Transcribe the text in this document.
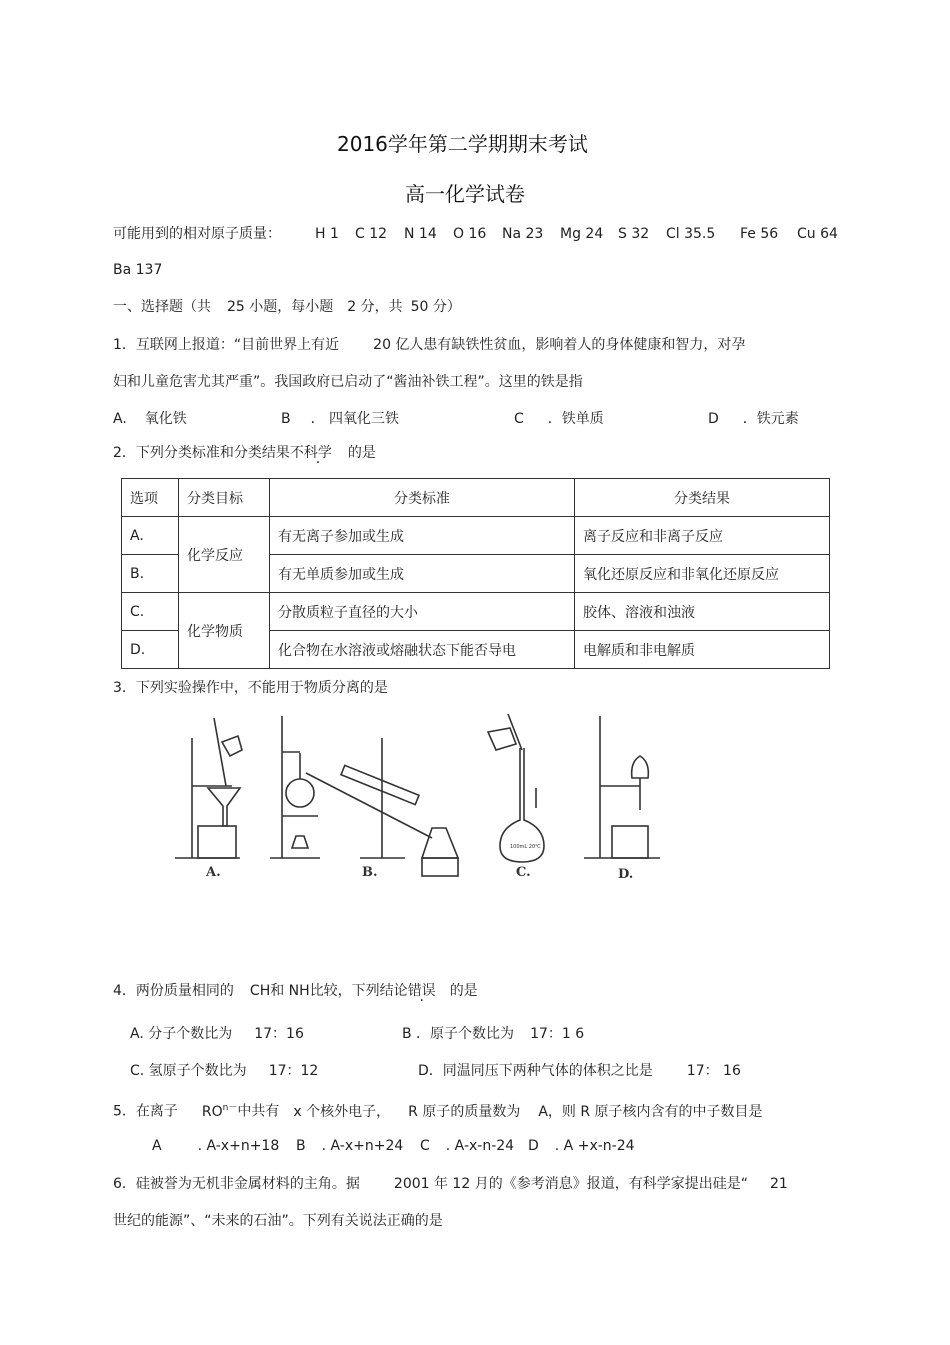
2016学年第二学期期末考试
高一化学试卷
可能用到的相对原子质量： H 1 C 12 N 14 O 16 Na 23 Mg 24 S 32 Cl 35.5 Fe 56 Cu 64
Ba 137
一、选择题（共 25 小题，每小题 2 分，共 50 分）
1．互联网上报道：“目前世界上有近 20 亿人患有缺铁性贫血，影响着人的身体健康和智力，对孕
妇和儿童危害尤其严重”。我国政府已启动了“酱油补铁工程”。这里的铁是指
A. 氧化铁	B ． 四氧化三铁	C ．铁单质	D ．铁元素
2．下列分类标准和分类结果不科学 的是
选项	分类目标	分类标准	分类结果
A.	化学反应	有无离子参加或生成	离子反应和非离子反应
B.		有无单质参加或生成	氧化还原反应和非氧化还原反应
C.	化学物质	分散质粒子直径的大小	胶体、溶液和浊液
D.		化合物在水溶液或熔融状态下能否导电	电解质和非电解质
3．下列实验操作中，不能用于物质分离的是
100mL 20℃
A.	B.	C.	D.
4．两份质量相同的 CH和 NH比较，下列结论错误 的是
A. 分子个数比为 17：16	B ．原子个数比为 17：1 6
C. 氢原子个数比为 17：12	D．同温同压下两种气体的体积之比是 17： 16
5．在离子 $RO^{n-}$中共有 x 个核外电子， R 原子的质量数为 A，则 R 原子核内含有的中子数目是
A	. A-x+n+18 B . A-x+n+24 C . A-x-n-24 D . A +x-n-24
6．硅被誉为无机非金属材料的主角。据 2001 年 12 月的《参考消息》报道，有科学家提出硅是“ 21
世纪的能源”、“未来的石油”。下列有关说法正确的是
